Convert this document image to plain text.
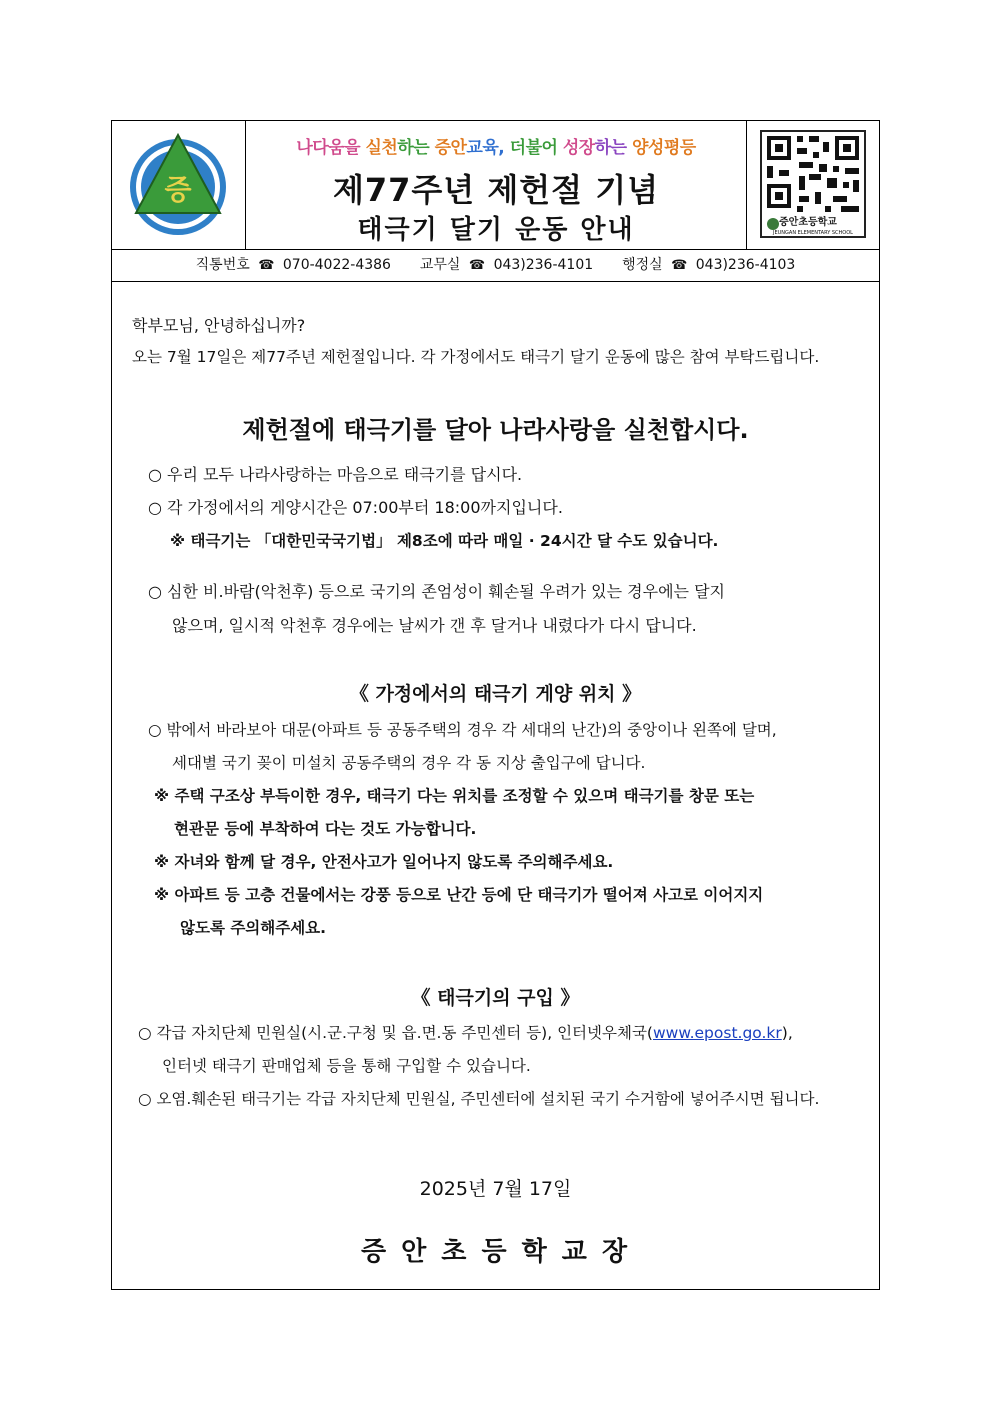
증
나다움을 실천하는 증안교육, 더불어 성장하는 양성평등
제77주년 제헌절 기념
태극기 달기 운동 안내	증안초등학교
JEUNGAN ELEMENTARY SCHOOL
직통번호 ☎ 070-4022-4386 교무실 ☎ 043)236-4101 행정실 ☎ 043)236-4103
학부모님, 안녕하십니까?
오는 7월 17일은 제77주년 제헌절입니다. 각 가정에서도 태극기 달기 운동에 많은 참여 부탁드립니다.
제헌절에 태극기를 달아 나라사랑을 실천합시다.
○ 우리 모두 나라사랑하는 마음으로 태극기를 답시다.
○ 각 가정에서의 게양시간은 07:00부터 18:00까지입니다.
※ 태극기는 「대한민국국기법」 제8조에 따라 매일 · 24시간 달 수도 있습니다.
○ 심한 비.바람(악천후) 등으로 국기의 존엄성이 훼손될 우려가 있는 경우에는 달지
않으며, 일시적 악천후 경우에는 날씨가 갠 후 달거나 내렸다가 다시 답니다.
《 가정에서의 태극기 게양 위치 》
○ 밖에서 바라보아 대문(아파트 등 공동주택의 경우 각 세대의 난간)의 중앙이나 왼쪽에 달며,
세대별 국기 꽂이 미설치 공동주택의 경우 각 동 지상 출입구에 답니다.
※ 주택 구조상 부득이한 경우, 태극기 다는 위치를 조정할 수 있으며 태극기를 창문 또는
현관문 등에 부착하여 다는 것도 가능합니다.
※ 자녀와 함께 달 경우, 안전사고가 일어나지 않도록 주의해주세요.
※ 아파트 등 고층 건물에서는 강풍 등으로 난간 등에 단 태극기가 떨어져 사고로 이어지지
않도록 주의해주세요.
《 태극기의 구입 》
○ 각급 자치단체 민원실(시.군.구청 및 읍.면.동 주민센터 등), 인터넷우체국(www.epost.go.kr),
인터넷 태극기 판매업체 등을 통해 구입할 수 있습니다.
○ 오염.훼손된 태극기는 각급 자치단체 민원실, 주민센터에 설치된 국기 수거함에 넣어주시면 됩니다.
2025년 7월 17일
증 안 초 등 학 교 장
